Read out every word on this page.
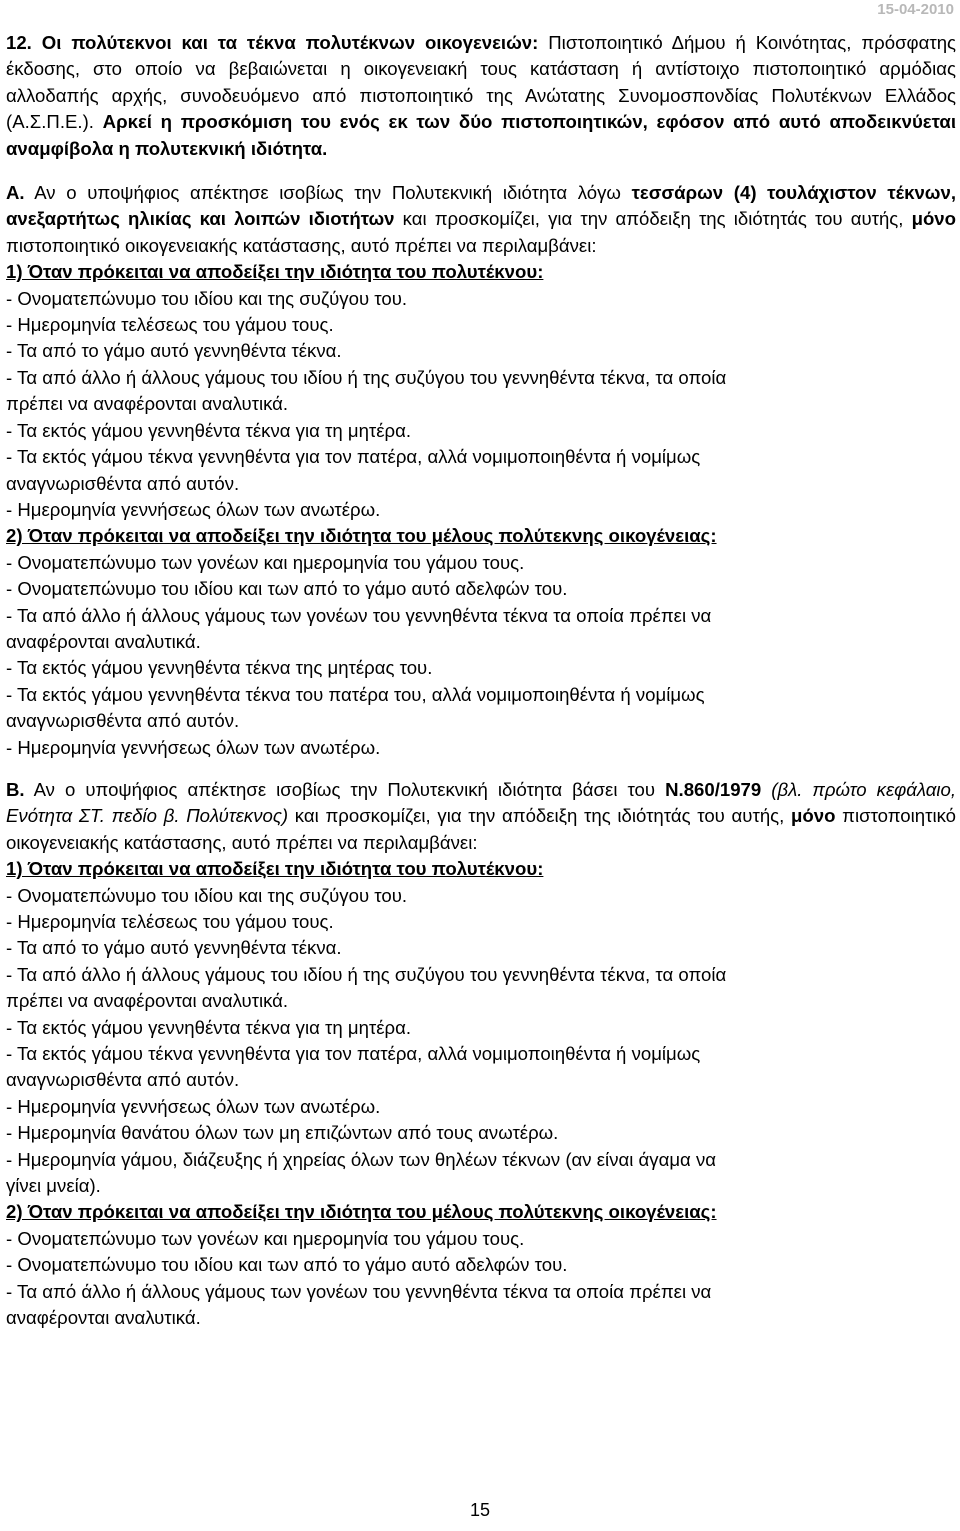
15-04-2010

12. Οι πολύτεκνοι και τα τέκνα πολυτέκνων οικογενειών: Πιστοποιητικό Δήμου ή Κοινότητας, πρόσφατης έκδοσης, στο οποίο να βεβαιώνεται η οικογενειακή τους κατάσταση ή αντίστοιχο πιστοποιητικό αρμόδιας αλλοδαπής αρχής, συνοδευόμενο από πιστοποιητικό της Ανώτατης Συνομοσπονδίας Πολυτέκνων Ελλάδος (Α.Σ.Π.Ε.). Αρκεί η προσκόμιση του ενός εκ των δύο πιστοποιητικών, εφόσον από αυτό αποδεικνύεται αναμφίβολα η πολυτεκνική ιδιότητα.

Α. Αν ο υποψήφιος απέκτησε ισοβίως την Πολυτεκνική ιδιότητα λόγω τεσσάρων (4) τουλάχιστον τέκνων, ανεξαρτήτως ηλικίας και λοιπών ιδιοτήτων και προσκομίζει, για την απόδειξη της ιδιότητάς του αυτής, μόνο πιστοποιητικό οικογενειακής κατάστασης, αυτό πρέπει να περιλαμβάνει:

1) Όταν πρόκειται να αποδείξει την ιδιότητα του πολυτέκνου:

- Ονοματεπώνυμο του ιδίου και της συζύγου του.

- Ημερομηνία τελέσεως του γάμου τους.

- Τα από το γάμο αυτό γεννηθέντα τέκνα.

- Τα από άλλο ή άλλους γάμους του ιδίου ή της συζύγου του γεννηθέντα τέκνα, τα οποία

πρέπει να αναφέρονται αναλυτικά.

- Τα εκτός γάμου γεννηθέντα τέκνα για τη μητέρα.

- Τα εκτός γάμου τέκνα γεννηθέντα για τον πατέρα, αλλά νομιμοποιηθέντα ή νομίμως

αναγνωρισθέντα από αυτόν.

- Ημερομηνία γεννήσεως όλων των ανωτέρω.

2) Όταν πρόκειται να αποδείξει την ιδιότητα του μέλους πολύτεκνης οικογένειας:

- Ονοματεπώνυμο των γονέων και ημερομηνία του γάμου τους.

- Ονοματεπώνυμο του ιδίου και των από το γάμο αυτό αδελφών του.

- Τα από άλλο ή άλλους γάμους των γονέων του γεννηθέντα τέκνα τα οποία πρέπει να

αναφέρονται αναλυτικά.

- Τα εκτός γάμου γεννηθέντα τέκνα της μητέρας του.

- Τα εκτός γάμου γεννηθέντα τέκνα του πατέρα του, αλλά νομιμοποιηθέντα ή νομίμως

αναγνωρισθέντα από αυτόν.

- Ημερομηνία γεννήσεως όλων των ανωτέρω.

Β. Αν ο υποψήφιος απέκτησε ισοβίως την Πολυτεκνική ιδιότητα βάσει του Ν.860/1979 (βλ. πρώτο κεφάλαιο, Ενότητα ΣΤ. πεδίο β. Πολύτεκνος) και προσκομίζει, για την απόδειξη της ιδιότητάς του αυτής, μόνο πιστοποιητικό οικογενειακής κατάστασης, αυτό πρέπει να περιλαμβάνει:

1) Όταν πρόκειται να αποδείξει την ιδιότητα του πολυτέκνου:

- Ονοματεπώνυμο του ιδίου και της συζύγου του.

- Ημερομηνία τελέσεως του γάμου τους.

- Τα από το γάμο αυτό γεννηθέντα τέκνα.

- Τα από άλλο ή άλλους γάμους του ιδίου ή της συζύγου του γεννηθέντα τέκνα, τα οποία

πρέπει να αναφέρονται αναλυτικά.

- Τα εκτός γάμου γεννηθέντα τέκνα για τη μητέρα.

- Τα εκτός γάμου τέκνα γεννηθέντα για τον πατέρα, αλλά νομιμοποιηθέντα ή νομίμως

αναγνωρισθέντα από αυτόν.

- Ημερομηνία γεννήσεως όλων των ανωτέρω.

- Ημερομηνία θανάτου όλων των μη επιζώντων από τους ανωτέρω.

- Ημερομηνία γάμου, διάζευξης ή χηρείας όλων των θηλέων τέκνων (αν είναι άγαμα να

γίνει μνεία).

2) Όταν πρόκειται να αποδείξει την ιδιότητα του μέλους πολύτεκνης οικογένειας:

- Ονοματεπώνυμο των γονέων και ημερομηνία του γάμου τους.

- Ονοματεπώνυμο του ιδίου και των από το γάμο αυτό αδελφών του.

- Τα από άλλο ή άλλους γάμους των γονέων του γεννηθέντα τέκνα τα οποία πρέπει να

αναφέρονται αναλυτικά.

15
